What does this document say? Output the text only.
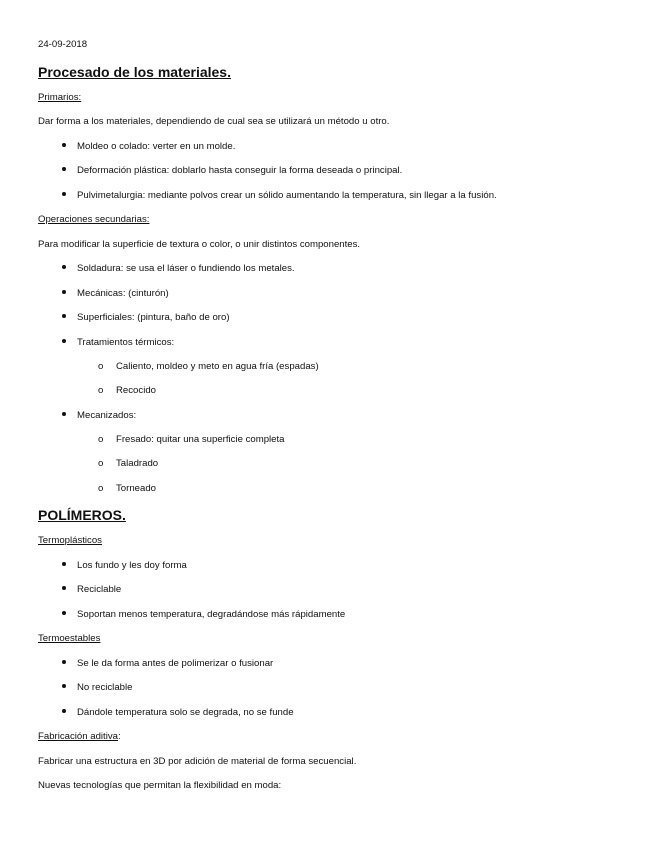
24-09-2018
Procesado de los materiales.
Primarios:
Dar forma a los materiales, dependiendo de cual sea se utilizará un método u otro.
Moldeo o colado: verter en un molde.
Deformación plástica: doblarlo hasta conseguir la forma deseada o principal.
Pulvimetalurgia: mediante polvos crear un sólido aumentando la temperatura, sin llegar a la fusión.
Operaciones secundarias:
Para modificar la superficie de textura o color, o unir distintos componentes.
Soldadura: se usa el láser o fundiendo los metales.
Mecánicas: (cinturón)
Superficiales: (pintura, baño de oro)
Tratamientos térmicos:
o Caliento, moldeo y meto en agua fría (espadas)
o Recocido
Mecanizados:
o Fresado: quitar una superficie completa
o Taladrado
o Torneado
POLÍMEROS.
Termoplásticos
Los fundo y les doy forma
Reciclable
Soportan menos temperatura, degradándose más rápidamente
Termoestables
Se le da forma antes de polimerizar o fusionar
No reciclable
Dándole temperatura solo se degrada, no se funde
Fabricación aditiva:
Fabricar una estructura en 3D por adición de material de forma secuencial.
Nuevas tecnologías que permitan la flexibilidad en moda:
